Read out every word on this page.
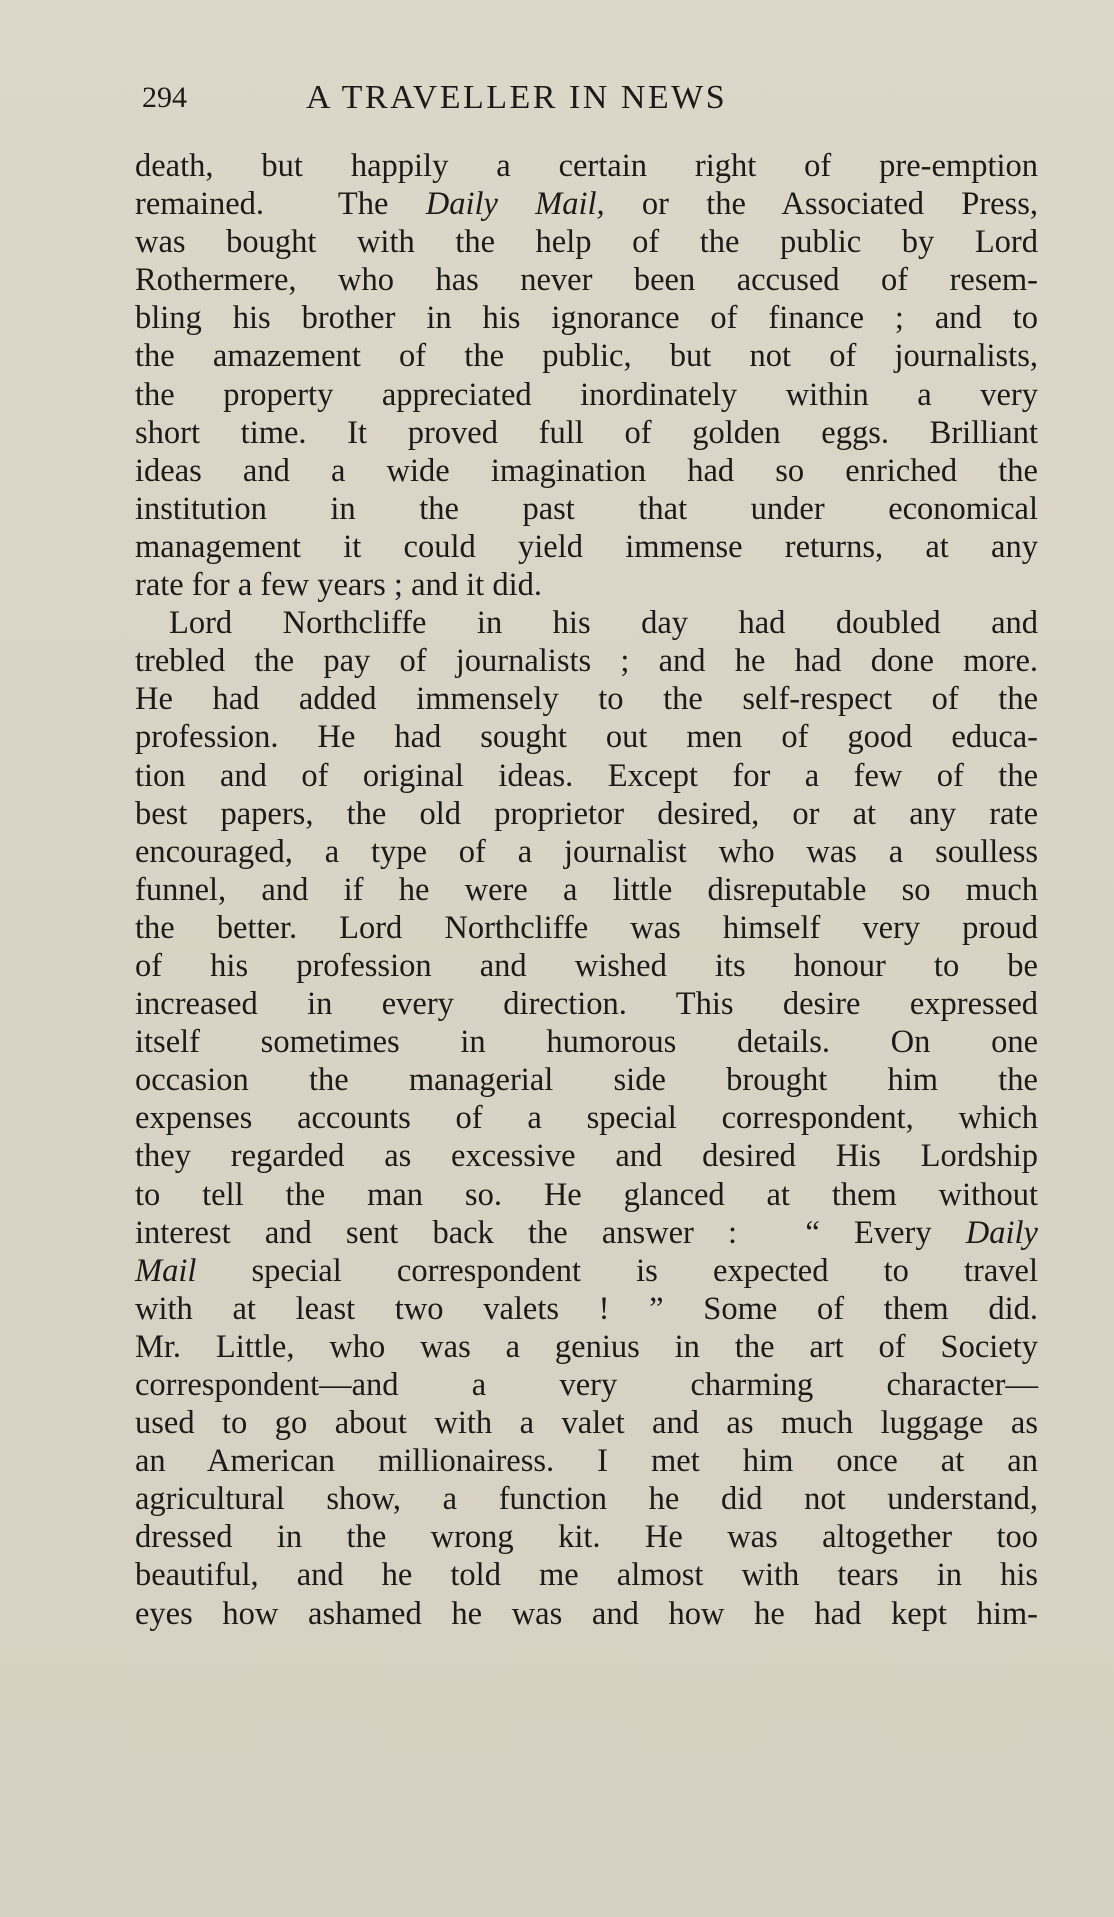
294	A TRAVELLER IN NEWS
death, but happily a certain right of pre-emption
remained.  The Daily Mail, or the Associated Press,
was bought with the help of the public by Lord
Rothermere, who has never been accused of resem-
bling his brother in his ignorance of finance ; and to
the amazement of the public, but not of journalists,
the property appreciated inordinately within a very
short time. It proved full of golden eggs. Brilliant
ideas and a wide imagination had so enriched the
institution in the past that under economical
management it could yield immense returns, at any
rate for a few years ; and it did.
Lord Northcliffe in his day had doubled and
trebled the pay of journalists ; and he had done more.
He had added immensely to the self-respect of the
profession. He had sought out men of good educa-
tion and of original ideas. Except for a few of the
best papers, the old proprietor desired, or at any rate
encouraged, a type of a journalist who was a soulless
funnel, and if he were a little disreputable so much
the better. Lord Northcliffe was himself very proud
of his profession and wished its honour to be
increased in every direction. This desire expressed
itself sometimes in humorous details. On one
occasion the managerial side brought him the
expenses accounts of a special correspondent, which
they regarded as excessive and desired His Lordship
to tell the man so. He glanced at them without
interest and sent back the answer :  “ Every Daily
Mail special correspondent is expected to travel
with at least two valets ! ” Some of them did.
Mr. Little, who was a genius in the art of Society
correspondent—and a very charming character—
used to go about with a valet and as much luggage as
an American millionairess. I met him once at an
agricultural show, a function he did not understand,
dressed in the wrong kit. He was altogether too
beautiful, and he told me almost with tears in his
eyes how ashamed he was and how he had kept him-
